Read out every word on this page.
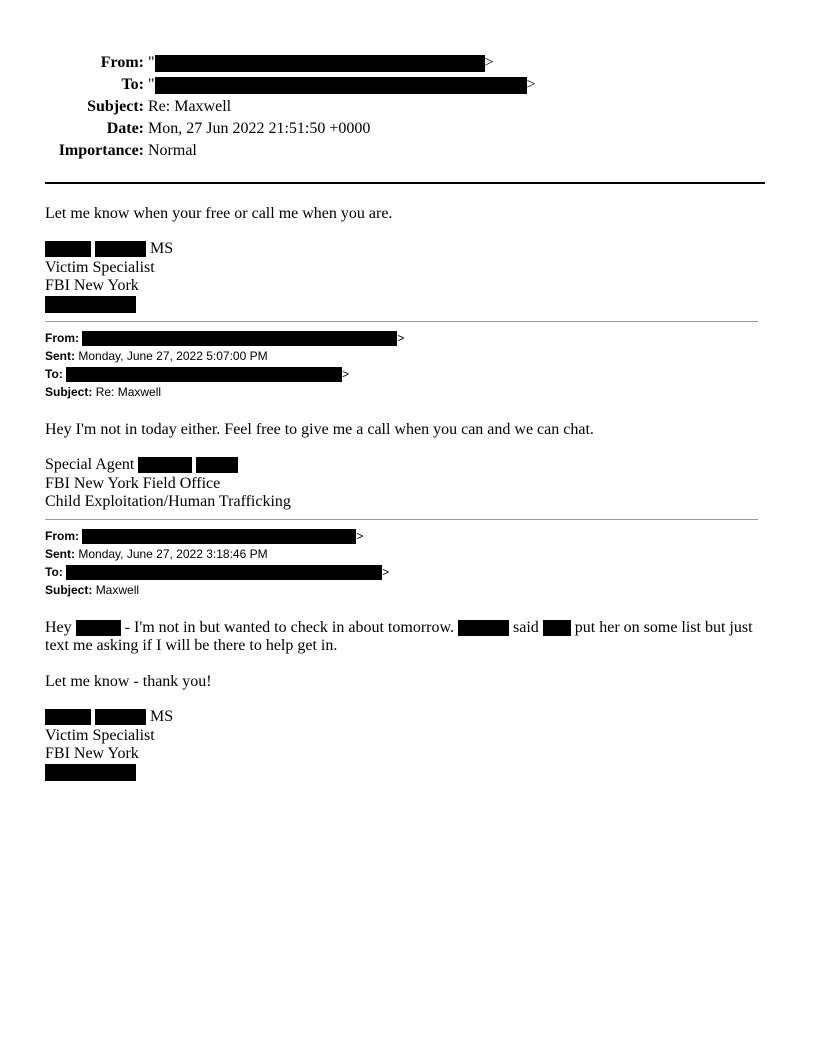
From: "	>
To: "	>
Subject: Re: Maxwell
Date: Mon, 27 Jun 2022 21:51:50 +0000
Importance: Normal
Let me know when your free or call me when you are.
MS
Victim Specialist
FBI New York
From:	>
Sent: Monday, June 27, 2022 5:07:00 PM
To:	>
Subject: Re: Maxwell
Hey I'm not in today either. Feel free to give me a call when you can and we can chat.
Special Agent
FBI New York Field Office
Child Exploitation/Human Trafficking
From:	>
Sent: Monday, June 27, 2022 3:18:46 PM
To:	>
Subject: Maxwell
Hey	- I'm not in but wanted to check in about tomorrow.	said put her on some list but just
text me asking if I will be there to help get in.
Let me know - thank you!
MS
Victim Specialist
FBI New York
